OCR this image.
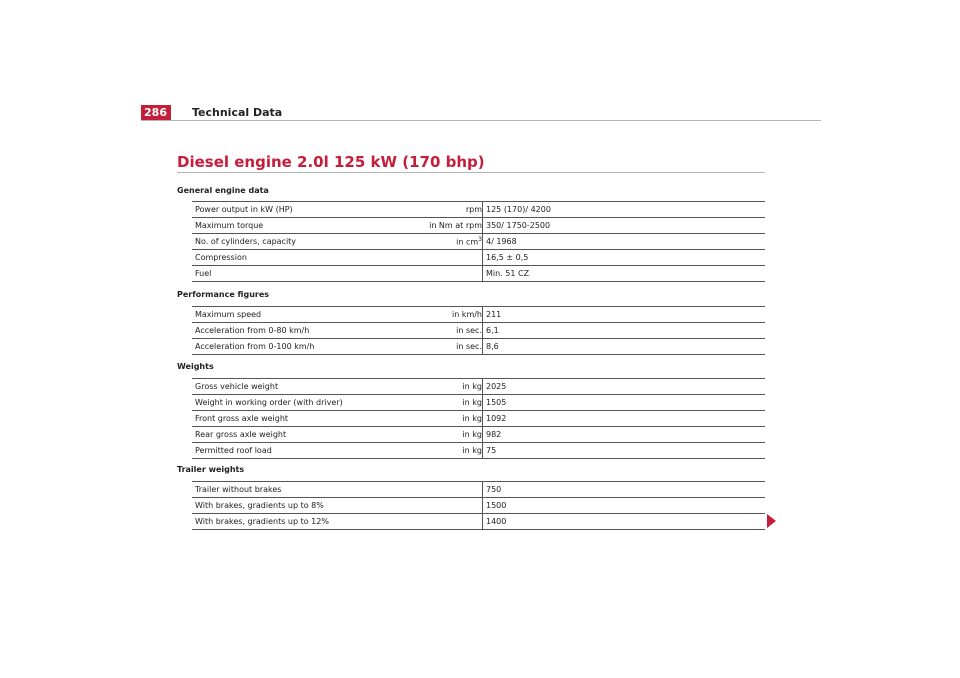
286	Technical Data
Diesel engine 2.0l 125 kW (170 bhp)
General engine data
Power output in kW (HP)	rpm	125 (170)/ 4200
Maximum torque	in Nm at rpm	350/ 1750-2500
No. of cylinders, capacity	in $cm^3$	4/ 1968
Compression		16,5 ± 0,5
Fuel		Min. 51 CZ
Performance figures
Maximum speed	in km/h	211
Acceleration from 0-80 km/h	in sec.	6,1
Acceleration from 0-100 km/h	in sec.	8,6
Weights
Gross vehicle weight	in kg	2025
Weight in working order (with driver)	in kg	1505
Front gross axle weight	in kg	1092
Rear gross axle weight	in kg	982
Permitted roof load	in kg	75
Trailer weights
Trailer without brakes		750
With brakes, gradients up to 8%		1500
With brakes, gradients up to 12%		1400
